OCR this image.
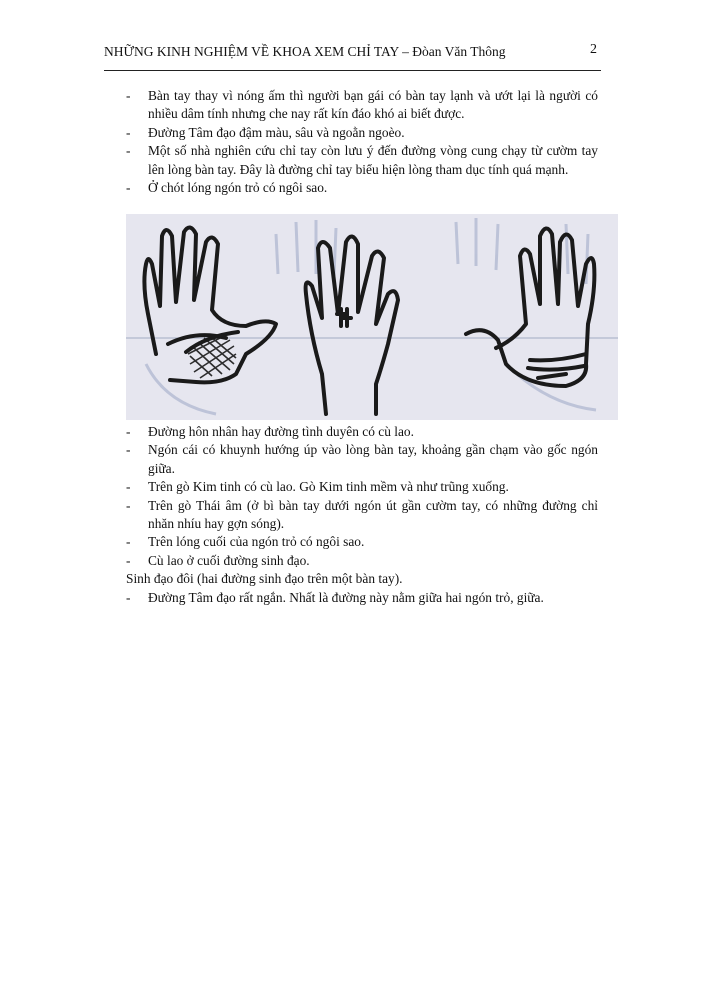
NHỮNG KINH NGHIỆM VỀ KHOA XEM CHỈ TAY – Đòan Văn Thông	2
- Bàn tay thay vì nóng ấm thì người bạn gái có bàn tay lạnh và ướt lại là người có nhiều dâm tính nhưng che nay rất kín đáo khó ai biết được.
- Đường Tâm đạo đậm màu, sâu và ngoằn ngoèo.
- Một số nhà nghiên cứu chỉ tay còn lưu ý đến đường vòng cung chạy từ cườm tay lên lòng bàn tay. Đây là đường chỉ tay biểu hiện lòng tham dục tính quá mạnh.
- Ở chót lóng ngón trỏ có ngôi sao.
- Đường hôn nhân hay đường tình duyên có cù lao.
- Ngón cái có khuynh hướng úp vào lòng bàn tay, khoảng gần chạm vào gốc ngón giữa.
- Trên gò Kim tinh có cù lao. Gò Kim tinh mềm và như trũng xuống.
- Trên gò Thái âm (ở bì bàn tay dưới ngón út gần cườm tay, có những đường chỉ nhăn nhíu hay gợn sóng).
- Trên lóng cuối của ngón trỏ có ngôi sao.
- Cù lao ở cuối đường sinh đạo.
Sinh đạo đôi (hai đường sinh đạo trên một bàn tay).
- Đường Tâm đạo rất ngắn. Nhất là đường này nằm giữa hai ngón trỏ, giữa.
